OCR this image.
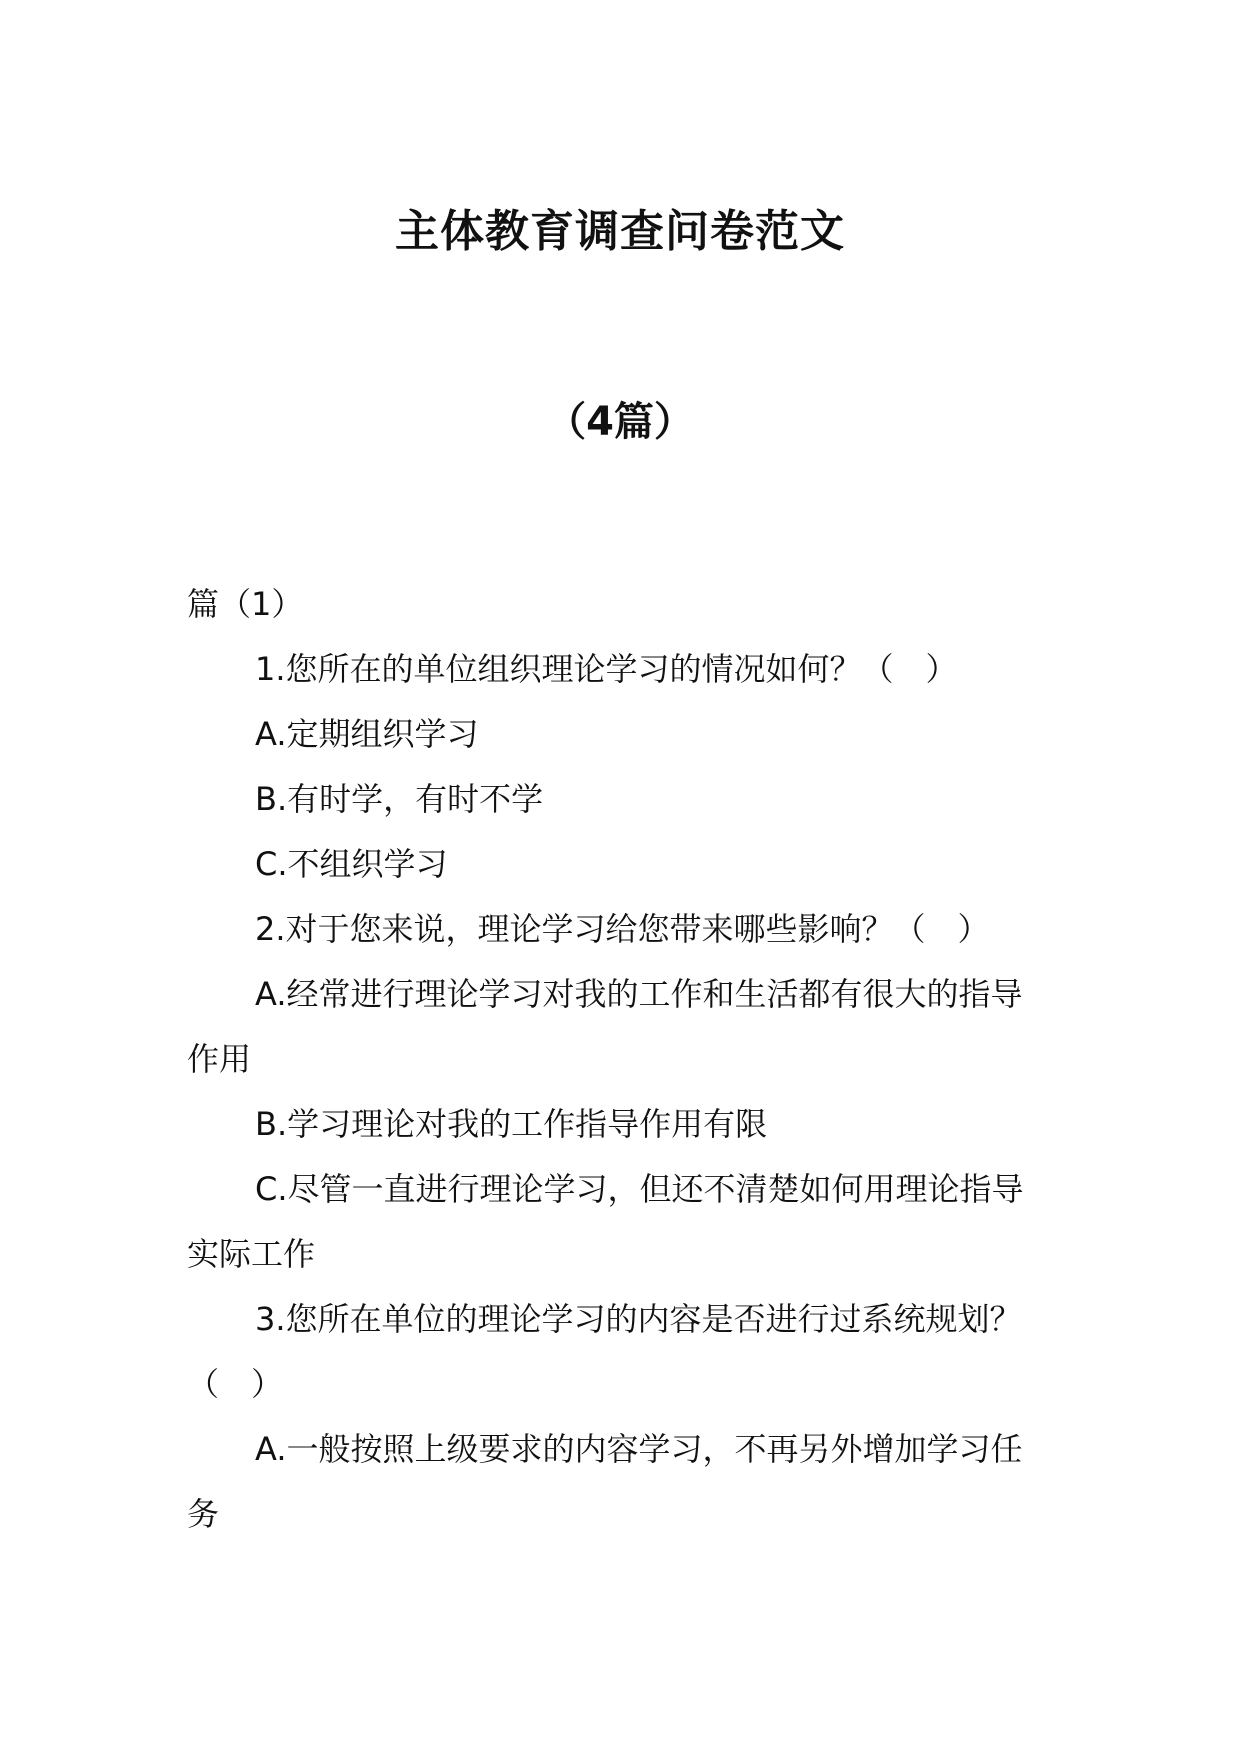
主体教育调查问卷范文
（4篇）

篇（1）

1.您所在的单位组织理论学习的情况如何？（　）

A.定期组织学习

B.有时学，有时不学

C.不组织学习

2.对于您来说，理论学习给您带来哪些影响？（　）

A.经常进行理论学习对我的工作和生活都有很大的指导作用

B.学习理论对我的工作指导作用有限

C.尽管一直进行理论学习，但还不清楚如何用理论指导实际工作

3.您所在单位的理论学习的内容是否进行过系统规划？（　）

A.一般按照上级要求的内容学习，不再另外增加学习任务
